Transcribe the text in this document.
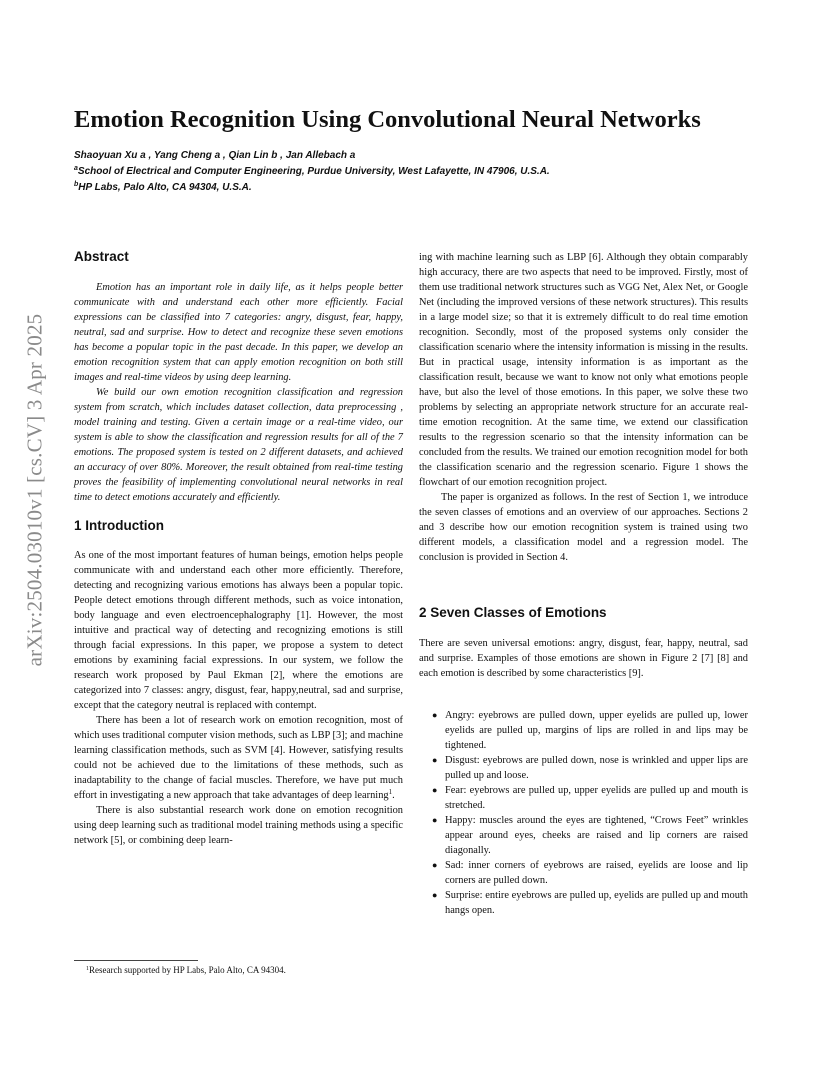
arXiv:2504.03010v1 [cs.CV] 3 Apr 2025
Emotion Recognition Using Convolutional Neural Networks
Shaoyuan Xu a , Yang Cheng a , Qian Lin b , Jan Allebach a
$^a$School of Electrical and Computer Engineering, Purdue University, West Lafayette, IN 47906, U.S.A.
$^b$HP Labs, Palo Alto, CA 94304, U.S.A.
Abstract

Emotion has an important role in daily life, as it helps people better communicate with and understand each other more efficiently. Facial expressions can be classified into 7 categories: angry, disgust, fear, happy, neutral, sad and surprise. How to detect and recognize these seven emotions has become a popular topic in the past decade. In this paper, we develop an emotion recognition system that can apply emotion recognition on both still images and real-time videos by using deep learning.

We build our own emotion recognition classification and regression system from scratch, which includes dataset collection, data preprocessing , model training and testing. Given a certain image or a real-time video, our system is able to show the classification and regression results for all of the 7 emotions. The proposed system is tested on 2 different datasets, and achieved an accuracy of over 80%. Moreover, the result obtained from real-time testing proves the feasibility of implementing convolutional neural networks in real time to detect emotions accurately and efficiently.

1 Introduction

As one of the most important features of human beings, emotion helps people communicate with and understand each other more efficiently. Therefore, detecting and recognizing various emotions has always been a popular topic. People detect emotions through different methods, such as voice intonation, body language and even electroencephalography [1]. However, the most intuitive and practical way of detecting and recognizing emotions is still through facial expressions. In this paper, we propose a system to detect emotions by examining facial expressions. In our system, we follow the research work proposed by Paul Ekman [2], where the emotions are categorized into 7 classes: angry, disgust, fear, happy,neutral, sad and surprise, except that the category neutral is replaced with contempt.

There has been a lot of research work on emotion recognition, most of which uses traditional computer vision methods, such as LBP [3]; and machine learning classification methods, such as SVM [4]. However, satisfying results could not be achieved due to the limitations of these methods, such as inadaptability to the change of facial muscles. Therefore, we have put much effort in investigating a new approach that take advantages of deep learning$^1$.

There is also substantial research work done on emotion recognition using deep learning such as traditional model training methods using a specific network [5], or combining deep learn-

ing with machine learning such as LBP [6]. Although they obtain comparably high accuracy, there are two aspects that need to be improved. Firstly, most of them use traditional network structures such as VGG Net, Alex Net, or Google Net (including the improved versions of these network structures). This results in a large model size; so that it is extremely difficult to do real time emotion recognition. Secondly, most of the proposed systems only consider the classification scenario where the intensity information is missing in the results. But in practical usage, intensity information is as important as the classification result, because we want to know not only what emotions people have, but also the level of those emotions. In this paper, we solve these two problems by selecting an appropriate network structure for an accurate real-time emotion recognition. At the same time, we extend our classification results to the regression scenario so that the intensity information can be concluded from the results. We trained our emotion recognition model for both the classification scenario and the regression scenario. Figure 1 shows the flowchart of our emotion recognition project.

The paper is organized as follows. In the rest of Section 1, we introduce the seven classes of emotions and an overview of our approaches. Sections 2 and 3 describe how our emotion recognition system is trained using two different models, a classification model and a regression model. The conclusion is provided in Section 4.

2 Seven Classes of Emotions

There are seven universal emotions: angry, disgust, fear, happy, neutral, sad and surprise. Examples of those emotions are shown in Figure 2 [7] [8] and each emotion is described by some characteristics [9].

● Angry: eyebrows are pulled down, upper eyelids are pulled up, lower eyelids are pulled up, margins of lips are rolled in and lips may be tightened.
● Disgust: eyebrows are pulled down, nose is wrinkled and upper lips are pulled up and loose.
● Fear: eyebrows are pulled up, upper eyelids are pulled up and mouth is stretched.
● Happy: muscles around the eyes are tightened, “Crows Feet” wrinkles appear around eyes, cheeks are raised and lip corners are raised diagonally.
● Sad: inner corners of eyebrows are raised, eyelids are loose and lip corners are pulled down.
● Surprise: entire eyebrows are pulled up, eyelids are pulled up and mouth hangs open.
$^1$Research supported by HP Labs, Palo Alto, CA 94304.
